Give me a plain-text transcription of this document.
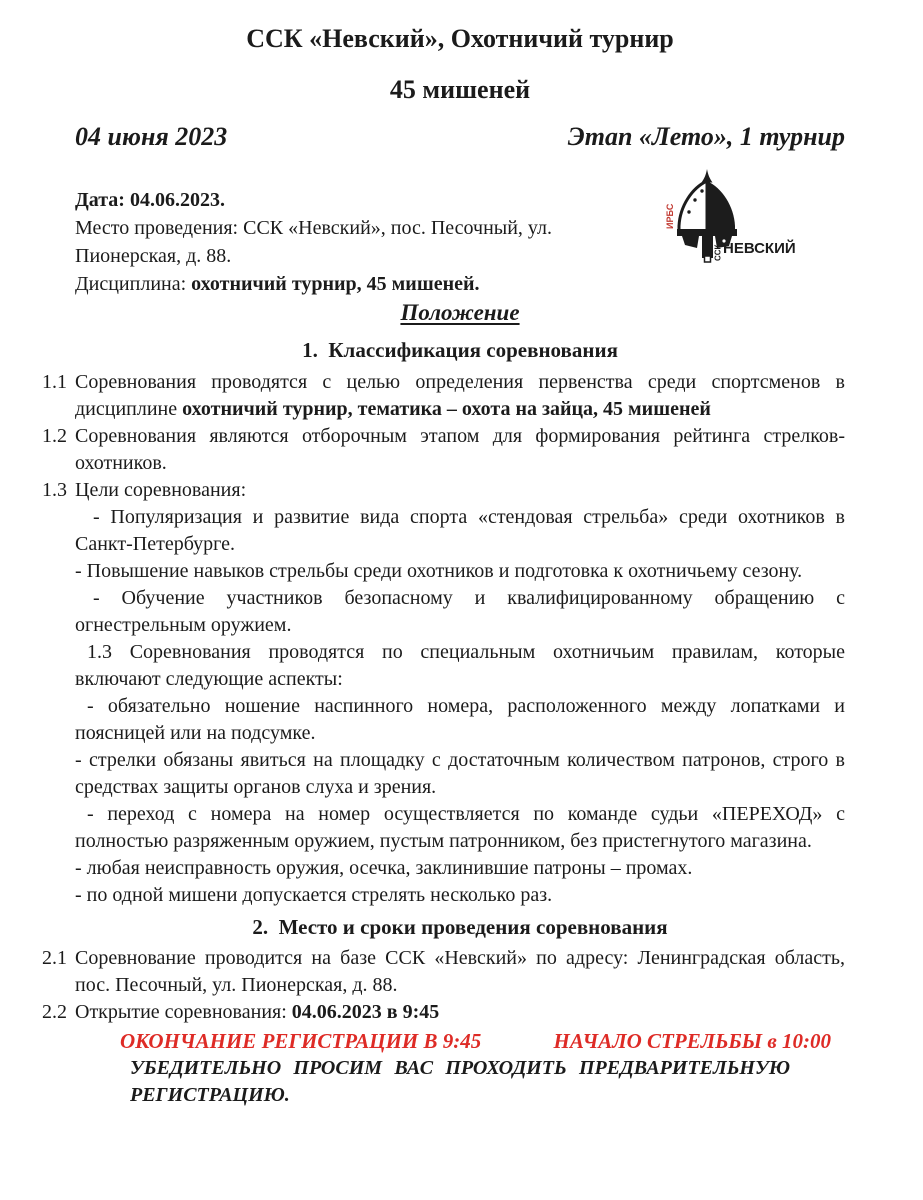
ССК «Невский», Охотничий турнир
45 мишеней
04 июня 2023	Этап «Лето», 1 турнир

Дата: 04.06.2023.

Место проведения: ССК «Невский», пос. Песочный, ул. Пионерская, д. 88.

Дисциплина: охотничий турнир, 45 мишеней.

ИРБС
ССК НЕВСКИЙ

Положение

1.  Классификация соревнования

1.1 Соревнования проводятся с целью определения первенства среди спортсменов в дисциплине охотничий турнир, тематика – охота на зайца, 45 мишеней

1.2 Соревнования являются отборочным этапом для формирования рейтинга стрелков-охотников.

1.3 Цели соревнования:

- Популяризация и развитие вида спорта «стендовая стрельба» среди охотников в Санкт-Петербурге.

- Повышение навыков стрельбы среди охотников и подготовка к охотничьему сезону.

- Обучение участников безопасному и квалифицированному обращению с огнестрельным оружием.

1.3 Соревнования проводятся по специальным охотничьим правилам, которые включают следующие аспекты:

- обязательно ношение наспинного номера, расположенного между лопатками и поясницей или на подсумке.

- стрелки обязаны явиться на площадку с достаточным количеством патронов, строго в средствах защиты органов слуха и зрения.

- переход с номера на номер осуществляется по команде судьи «ПЕРЕХОД» с полностью разряженным оружием, пустым патронником, без пристегнутого магазина.

- любая неисправность оружия, осечка, заклинившие патроны – промах.

- по одной мишени допускается стрелять несколько раз.

2.  Место и сроки проведения соревнования

2.1 Соревнование проводится на базе ССК «Невский» по адресу: Ленинградская область, пос. Песочный, ул. Пионерская, д. 88.

2.2 Открытие соревнования: 04.06.2023 в 9:45

ОКОНЧАНИЕ РЕГИСТРАЦИИ В 9:45	НАЧАЛО СТРЕЛЬБЫ в 10:00

УБЕДИТЕЛЬНО ПРОСИМ ВАС ПРОХОДИТЬ ПРЕДВАРИТЕЛЬНУЮ РЕГИСТРАЦИЮ.
